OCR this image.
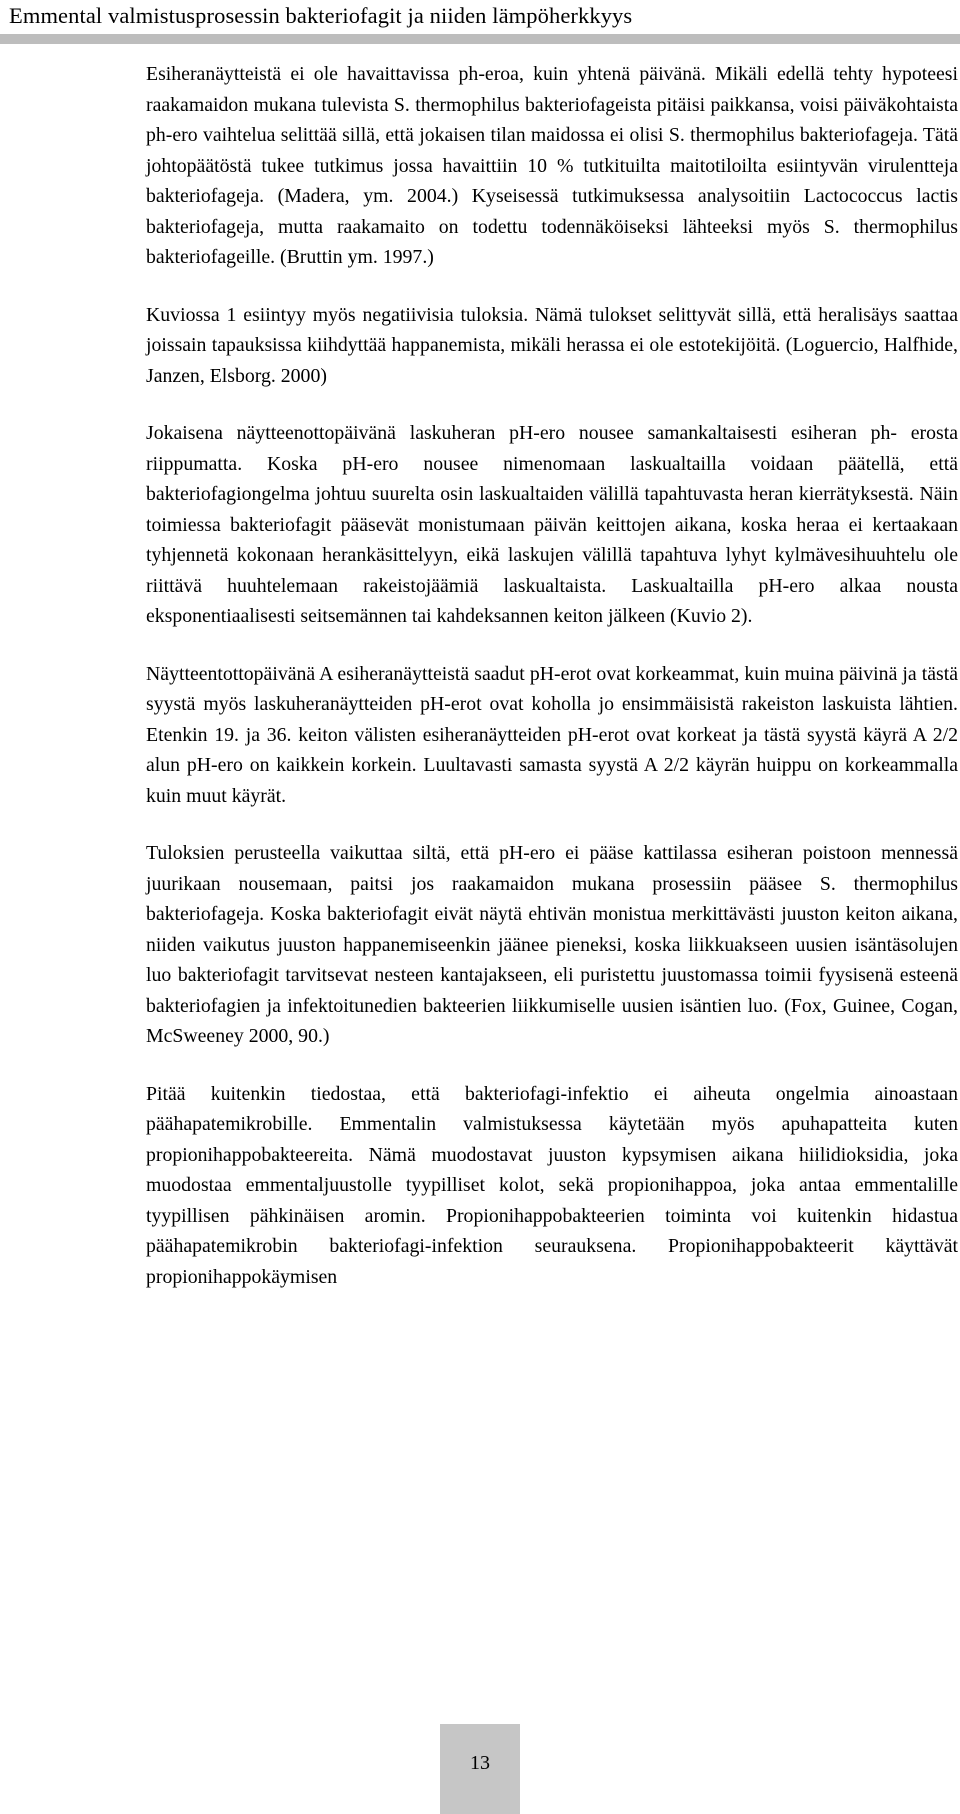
Emmental valmistusprosessin bakteriofagit ja niiden lämpöherkkyys

Esiheranäytteistä ei ole havaittavissa ph-eroa, kuin yhtenä päivänä. Mikäli edellä tehty hypoteesi raakamaidon mukana tulevista S. thermophilus bakteriofageista pitäisi paikkansa, voisi päiväkohtaista ph-ero vaihtelua selittää sillä, että jokaisen tilan maidossa ei olisi S. thermophilus bakteriofageja. Tätä johtopäätöstä tukee tutkimus jossa havaittiin 10 % tutkituilta maitotiloilta esiintyvän virulentteja bakteriofageja. (Madera, ym. 2004.) Kyseisessä tutkimuksessa analysoitiin Lactococcus lactis bakteriofageja, mutta raakamaito on todettu todennäköiseksi lähteeksi myös S. thermophilus bakteriofageille. (Bruttin ym. 1997.)

Kuviossa 1 esiintyy myös negatiivisia tuloksia. Nämä tulokset selittyvät sillä, että heralisäys saattaa joissain tapauksissa kiihdyttää happanemista, mikäli herassa ei ole estotekijöitä. (Loguercio, Halfhide, Janzen, Elsborg. 2000)

Jokaisena näytteenottopäivänä laskuheran pH-ero nousee samankaltaisesti esiheran ph- erosta riippumatta. Koska pH-ero nousee nimenomaan laskualtailla voidaan päätellä, että bakteriofagiongelma johtuu suurelta osin laskualtaiden välillä tapahtuvasta heran kierrätyksestä. Näin toimiessa bakteriofagit pääsevät monistumaan päivän keittojen aikana, koska heraa ei kertaakaan tyhjennetä kokonaan herankäsittelyyn, eikä laskujen välillä tapahtuva lyhyt kylmävesihuuhtelu ole riittävä huuhtelemaan rakeistojäämiä laskualtaista. Laskualtailla pH-ero alkaa nousta eksponentiaalisesti seitsemännen tai kahdeksannen keiton jälkeen (Kuvio 2).

Näytteentottopäivänä A esiheranäytteistä saadut pH-erot ovat korkeammat, kuin muina päivinä ja tästä syystä myös laskuheranäytteiden pH-erot ovat koholla jo ensimmäisistä rakeiston laskuista lähtien. Etenkin 19. ja 36. keiton välisten esiheranäytteiden pH-erot ovat korkeat ja tästä syystä käyrä A 2/2 alun pH-ero on kaikkein korkein. Luultavasti samasta syystä A 2/2 käyrän huippu on korkeammalla kuin muut käyrät.

Tuloksien perusteella vaikuttaa siltä, että pH-ero ei pääse kattilassa esiheran poistoon mennessä juurikaan nousemaan, paitsi jos raakamaidon mukana prosessiin pääsee S. thermophilus bakteriofageja. Koska bakteriofagit eivät näytä ehtivän monistua merkittävästi juuston keiton aikana, niiden vaikutus juuston happanemiseenkin jäänee pieneksi, koska liikkuakseen uusien isäntäsolujen luo bakteriofagit tarvitsevat nesteen kantajakseen, eli puristettu juustomassa toimii fyysisenä esteenä bakteriofagien ja infektoitunedien bakteerien liikkumiselle uusien isäntien luo. (Fox, Guinee, Cogan, McSweeney 2000, 90.)

Pitää kuitenkin tiedostaa, että bakteriofagi-infektio ei aiheuta ongelmia ainoastaan päähapatemikrobille. Emmentalin valmistuksessa käytetään myös apuhapatteita kuten propionihappobakteereita. Nämä muodostavat juuston kypsymisen aikana hiilidioksidia, joka muodostaa emmentaljuustolle tyypilliset kolot, sekä propionihappoa, joka antaa emmentalille tyypillisen pähkinäisen aromin. Propionihappobakteerien toiminta voi kuitenkin hidastua päähapatemikrobin bakteriofagi-infektion seurauksena. Propionihappobakteerit käyttävät propionihappokäymisen

13
